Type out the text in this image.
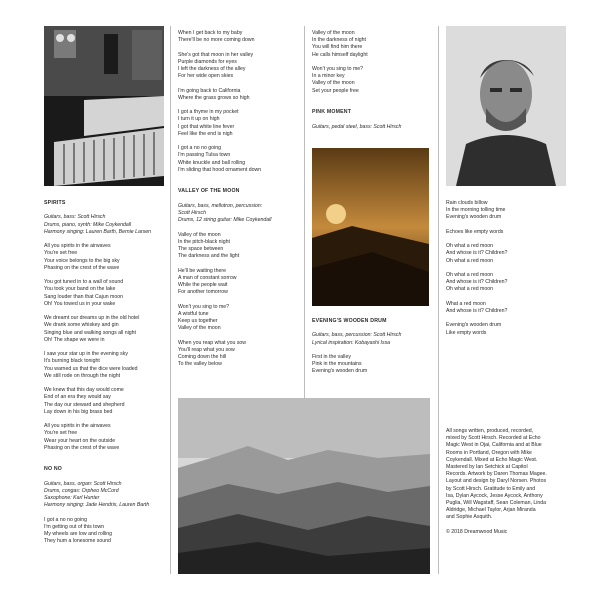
SPIRITS
Guitars, bass: Scott Hirsch
Drums, piano, synth: Mike Coykendall
Harmony singing: Lauren Barth, Bernie Larsen
All you spirits in the airwaves
You're set free
Your voice belongs to the big sky
Phasing on the crest of the wave
You got tuned in to a wall of sound
You took your band on the lake
Sang louder than that Cajun moon
Oh! You towed us in your wake
We dreamt our dreams up in the old hotel
We drank some whiskey and gin
Singing blue and walking songs all night
Oh! The shape we were in
I saw your star up in the evening sky
It's burning black tonight
You warned us that the dice were loaded
We still rode on through the night
We knew that this day would come
End of an era they would say
The day our steward and shepherd
Lay down in his big brass bed
All you spirits in the airwaves
You're set free
Wear your heart on the outside
Phasing on the crest of the wave
NO NO
Guitars, bass, organ: Scott Hirsch
Drums, congas: Orpheo McCord
Saxophone: Karl Hunter
Harmony singing: Jade Hendrix, Lauren Barth
I got a no no going
I'm getting out of this town
My wheels are low and rolling
They hum a lonesome sound
When I get back to my baby
There'll be no more coming down
She's got that moon in her valley
Purple diamonds for eyes
I left the darkness of the alley
For her wide open skies
I'm going back to California
Where the grass grows so high
I got a thyme in my pocket
I turn it up on high
I got that white line fever
Feel like the end is nigh
I got a no no going
I'm passing Tulsa town
White knuckle and ball rolling
I'm sliding that hood ornament down
VALLEY OF THE MOON
Guitars, bass, mellotron, percussion:
Scott Hirsch
Drums, 12 string guitar: Mike Coykendall
Valley of the moon
In the pitch-black night
The space between
The darkness and the light
He'll be waiting there
A man of constant sorrow
While the people wait
For another tomorrow
Won't you sing to me?
A wistful tune
Keep us together
Valley of the moon
When you reap what you sow
You'll reap what you sow
Coming down the hill
To the valley below
Valley of the moon
In the darkness of night
You will find him there
He calls himself daylight
Won't you sing to me?
In a minor key
Valley of the moon
Set your people free
PINK MOMENT
Guitars, pedal steel, bass: Scott Hirsch
EVENING'S WOODEN DRUM
Guitars, bass, percussion: Scott Hirsch
Lyrical inspiration: Kobayashi Issa
First in the valley
Pink in the mountains
Evening's wooden drum
Rain clouds billow
In the morning tolling time
Evening's wooden drum
Echoes like empty words
Oh what a red moon
And whose is it? Children?
Oh what a red moon
Oh what a red moon
And whose is it? Children?
Oh what a red moon
What a red moon
And whose is it? Children?
Evening's wooden drum
Like empty words
All songs written, produced, recorded,
mixed by Scott Hirsch. Recorded at Echo
Magic West in Ojai, California and at Blue
Rooms in Portland, Oregon with Mike
Coykendall. Mixed at Echo Magic West.
Mastered by Ian Setchick at Capitol
Records. Artwork by Daren Thomas Magee.
Layout and design by Daryl Norsen. Photos
by Scott Hirsch. Gratitude to Emily and
Isa, Dylan Aycock, Jesse Aycock, Anthony
Puglia, Will Wagstaff, Sean Coleman, Linda
Aldridge, Michael Taylor, Arjan Miranda
and Sophie Asquith.
© 2018 Dreamwood Music
